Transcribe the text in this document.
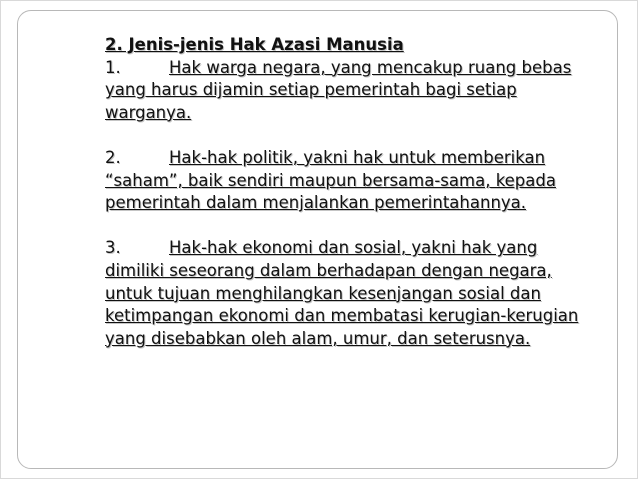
2. Jenis-jenis Hak Azasi Manusia
1.	Hak warga negara, yang mencakup ruang bebas
yang harus dijamin setiap pemerintah bagi setiap
warganya.
2.	Hak-hak politik, yakni hak untuk memberikan
“saham”, baik sendiri maupun bersama-sama, kepada
pemerintah dalam menjalankan pemerintahannya.
3.	Hak-hak ekonomi dan sosial, yakni hak yang
dimiliki seseorang dalam berhadapan dengan negara,
untuk tujuan menghilangkan kesenjangan sosial dan
ketimpangan ekonomi dan membatasi kerugian-kerugian
yang disebabkan oleh alam, umur, dan seterusnya.
